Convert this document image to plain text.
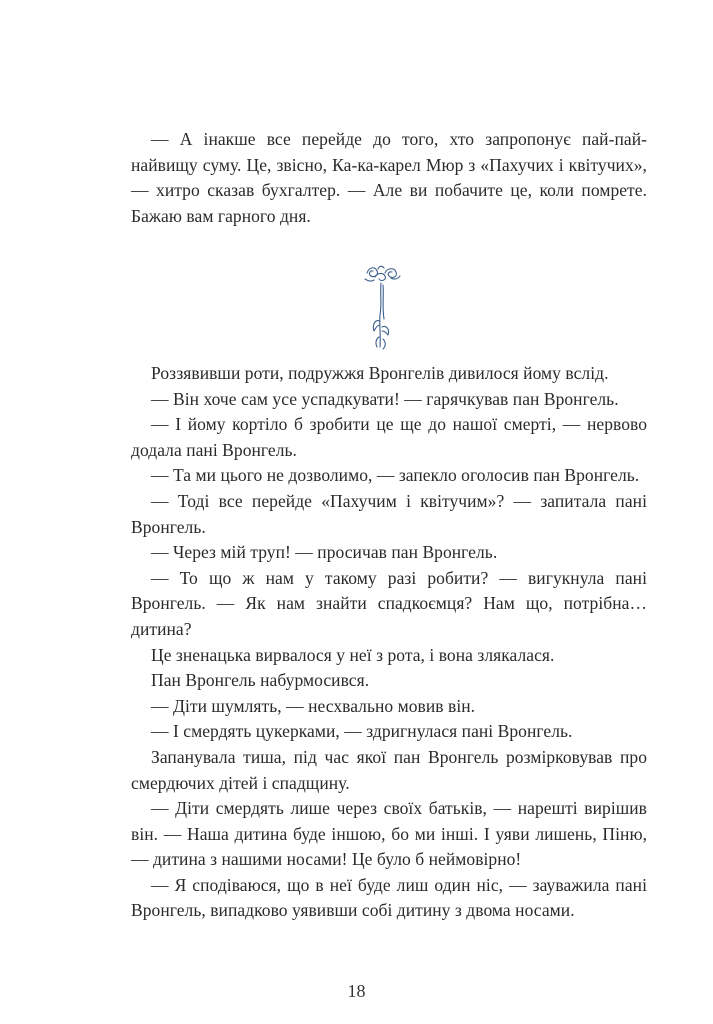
— А інакше все перейде до того, хто запропонує пай-пай-найвищу суму. Це, звісно, Ка-ка-карел Мюр з «Пахучих і квітучих», — хитро сказав бухгалтер. — Але ви побачите це, коли помрете. Бажаю вам гарного дня.

Роззявивши роти, подружжя Вронгелів дивилося йому вслід.

— Він хоче сам усе успадкувати! — гарячкував пан Вронгель.

— І йому кортіло б зробити це ще до нашої смерті, — нервово додала пані Вронгель.

— Та ми цього не дозволимо, — запекло оголосив пан Вронгель.

— Тоді все перейде «Пахучим і квітучим»? — запитала пані Вронгель.

— Через мій труп! — просичав пан Вронгель.

— То що ж нам у такому разі робити? — вигукнула пані Вронгель. — Як нам знайти спадкоємця? Нам що, потрібна… дитина?

Це зненацька вирвалося у неї з рота, і вона злякалася.

Пан Вронгель набурмосився.

— Діти шумлять, — несхвально мовив він.

— І смердять цукерками, — здригнулася пані Вронгель.

Запанувала тиша, під час якої пан Вронгель розмірковував про смердючих дітей і спадщину.

— Діти смердять лише через своїх батьків, — нарешті вирішив він. — Наша дитина буде іншою, бо ми інші. І уяви лишень, Піню, — дитина з нашими носами! Це було б неймовірно!

— Я сподіваюся, що в неї буде лиш один ніс, — зауважила пані Вронгель, випадково уявивши собі дитину з двома носами.

18
